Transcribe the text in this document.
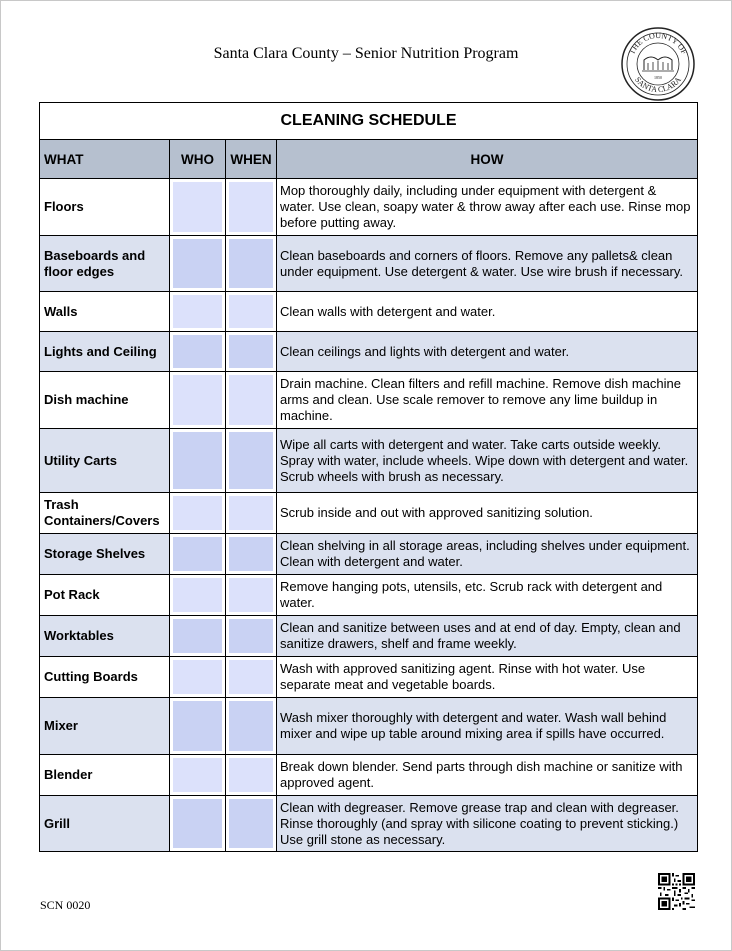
Santa Clara County – Senior Nutrition Program	THE COUNTY OF
SANTA CLARA
1850
CLEANING SCHEDULE			
WHAT	WHO	WHEN	HOW
Floors			Mop thoroughly daily, including under equipment with detergent & water. Use clean, soapy water & throw away after each use. Rinse mop before putting away.
Baseboards and floor edges			Clean baseboards and corners of floors. Remove any pallets& clean under equipment. Use detergent & water. Use wire brush if necessary.
Walls			Clean walls with detergent and water.
Lights and Ceiling			Clean ceilings and lights with detergent and water.
Dish machine			Drain machine. Clean filters and refill machine. Remove dish machine arms and clean. Use scale remover to remove any lime buildup in machine.
Utility Carts			Wipe all carts with detergent and water. Take carts outside weekly. Spray with water, include wheels. Wipe down with detergent and water. Scrub wheels with brush as necessary.
Trash Containers/Covers			Scrub inside and out with approved sanitizing solution.
Storage Shelves			Clean shelving in all storage areas, including shelves under equipment. Clean with detergent and water.
Pot Rack			Remove hanging pots, utensils, etc. Scrub rack with detergent and water.
Worktables			Clean and sanitize between uses and at end of day. Empty, clean and sanitize drawers, shelf and frame weekly.
Cutting Boards			Wash with approved sanitizing agent. Rinse with hot water. Use separate meat and vegetable boards.
Mixer			Wash mixer thoroughly with detergent and water. Wash wall behind mixer and wipe up table around mixing area if spills have occurred.
Blender			Break down blender. Send parts through dish machine or sanitize with approved agent.
Grill			Clean with degreaser. Remove grease trap and clean with degreaser. Rinse thoroughly (and spray with silicone coating to prevent sticking.) Use grill stone as necessary.
SCN 0020
